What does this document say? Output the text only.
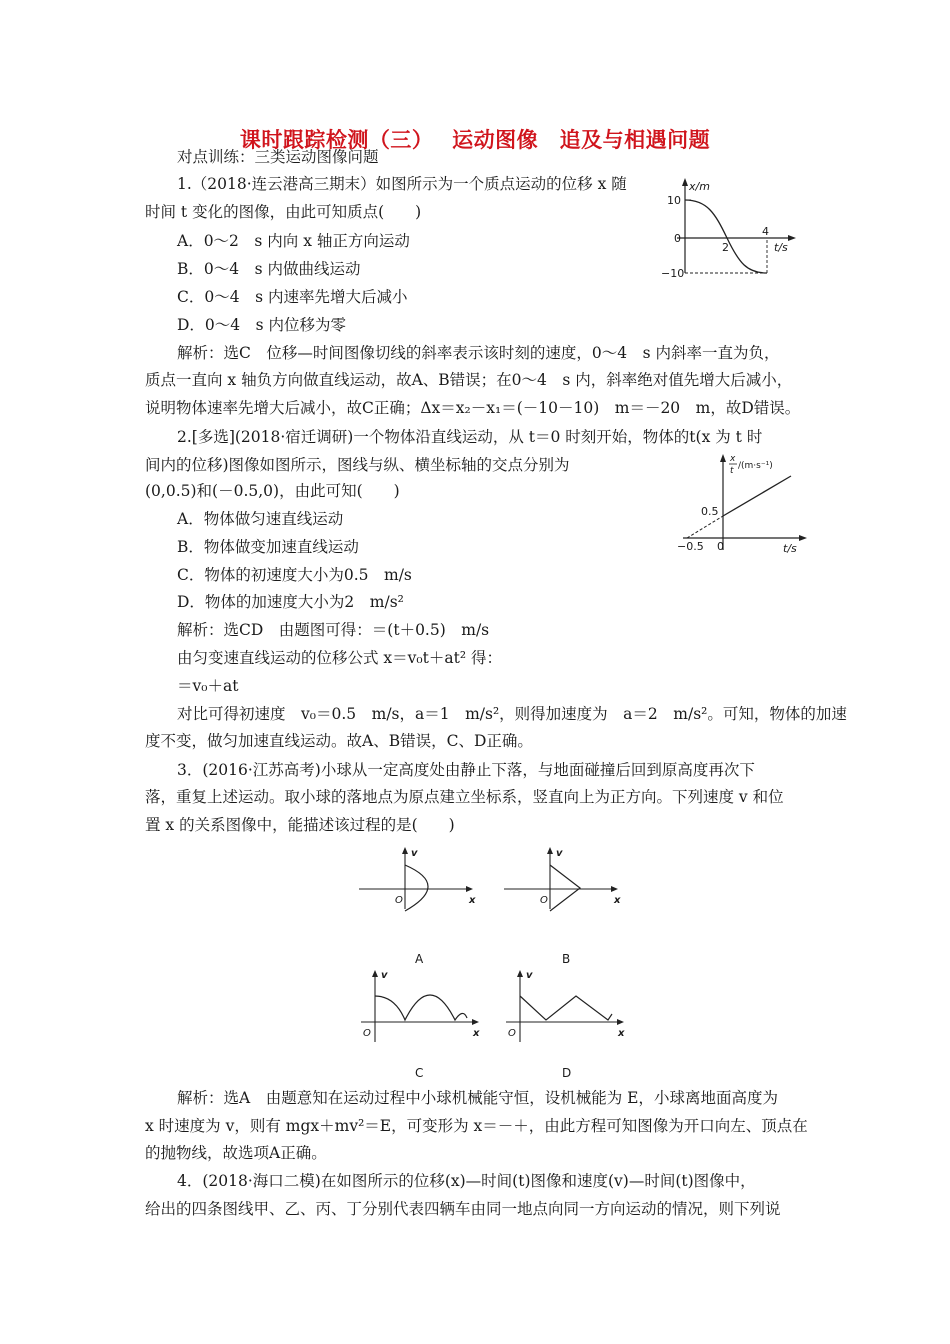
课时跟踪检测（三）　 运动图像　追及与相遇问题
对点训练：三类运动图像问题
1.（2018·连云港高三期末）如图所示为一个质点运动的位移 x 随
时间 t 变化的图像，由此可知质点(　　)
A．0～2　s 内向 x 轴正方向运动
B．0～4　s 内做曲线运动
C．0～4　s 内速率先增大后减小
D．0～4　s 内位移为零
解析：选C　位移—时间图像切线的斜率表示该时刻的速度，0～4　s 内斜率一直为负，
质点一直向 x 轴负方向做直线运动，故A、B错误；在0～4　s 内，斜率绝对值先增大后减小，
说明物体速率先增大后减小，故C正确；Δx＝x₂－x₁＝(－10－10)　m＝－20　m，故D错误。
x/m
10
0
−10
2
4
t/s
2.[多选](2018·宿迁调研)一个物体沿直线运动，从 t＝0 时刻开始，物体的t(x 为 t 时
间内的位移)图像如图所示，图线与纵、横坐标轴的交点分别为
(0,0.5)和(－0.5,0)，由此可知(　　)
A．物体做匀速直线运动
B．物体做变加速直线运动
C．物体的初速度大小为0.5　m/s
D．物体的加速度大小为2　m/s²
解析：选CD　由题图可得：＝(t＋0.5)　m/s
由匀变速直线运动的位移公式 x＝v₀t＋at² 得：
＝v₀＋at
对比可得初速度　v₀＝0.5　m/s，a＝1　m/s²，则得加速度为　a＝2　m/s²。可知，物体的加速
度不变，做匀加速直线运动。故A、B错误，C、D正确。
x
t /(m·s⁻¹)
0.5
−0.5 0	t/s
3．(2016·江苏高考)小球从一定高度处由静止下落，与地面碰撞后回到原高度再次下
落，重复上述运动。取小球的落地点为原点建立坐标系，竖直向上为正方向。下列速度 v 和位
置 x 的关系图像中，能描述该过程的是(　　)
v
O	x
A
v
O	x
B
v
O	x
C
v
O	x
D
解析：选A　由题意知在运动过程中小球机械能守恒，设机械能为 E，小球离地面高度为
x 时速度为 v，则有 mgx＋mv²＝E，可变形为 x＝－＋，由此方程可知图像为开口向左、顶点在
的抛物线，故选项A正确。
4．(2018·海口二模)在如图所示的位移(x)—时间(t)图像和速度(v)—时间(t)图像中，
给出的四条图线甲、乙、丙、丁分别代表四辆车由同一地点向同一方向运动的情况，则下列说
